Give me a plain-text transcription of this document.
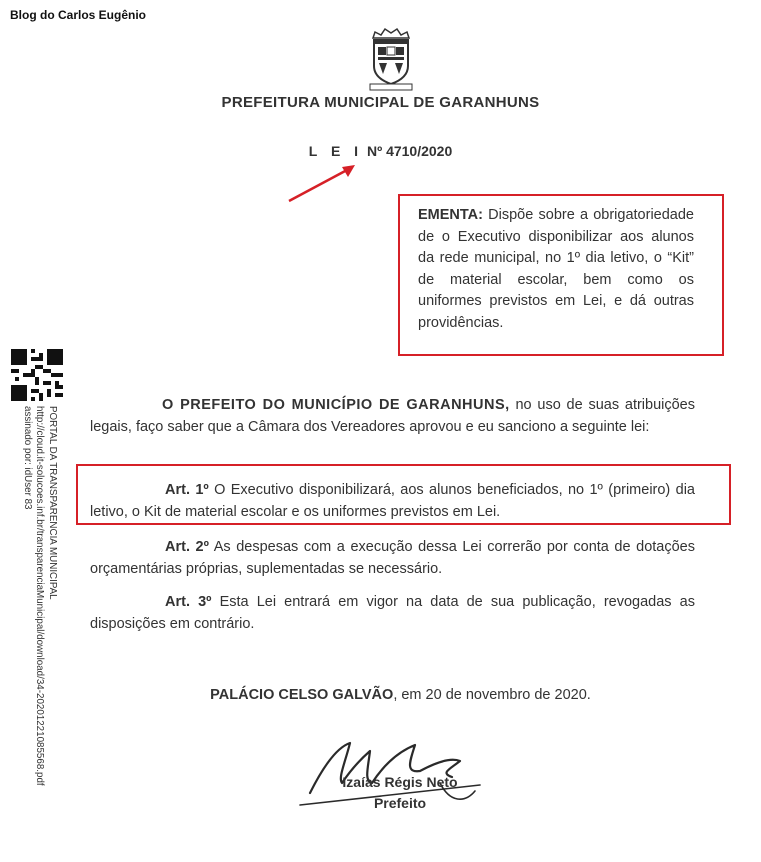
Blog do Carlos Eugênio
PREFEITURA MUNICIPAL DE GARANHUNS
L E I Nº 4710/2020
EMENTA: Dispõe sobre a obrigatoriedade de o Executivo disponibilizar aos alunos da rede municipal, no 1º dia letivo, o “Kit” de material escolar, bem como os uniformes previstos em Lei, e dá outras providências.
PORTAL DA TRANSPARENCIA MUNICIPAL
http://cloud.it-solucoes.inf.br/transparenciaMunicipal/download/34-20201221085568.pdf
assinado por: idUser 83
O PREFEITO DO MUNICÍPIO DE GARANHUNS, no uso de suas atribuições legais, faço saber que a Câmara dos Vereadores aprovou e eu sanciono a seguinte lei:
Art. 1º O Executivo disponibilizará, aos alunos beneficiados, no 1º (primeiro) dia letivo, o Kit de material escolar e os uniformes previstos em Lei.
Art. 2º As despesas com a execução dessa Lei correrão por conta de dotações orçamentárias próprias, suplementadas se necessário.
Art. 3º Esta Lei entrará em vigor na data de sua publicação, revogadas as disposições em contrário.
PALÁCIO CELSO GALVÃO, em 20 de novembro de 2020.
Izaías Régis Neto
Prefeito
